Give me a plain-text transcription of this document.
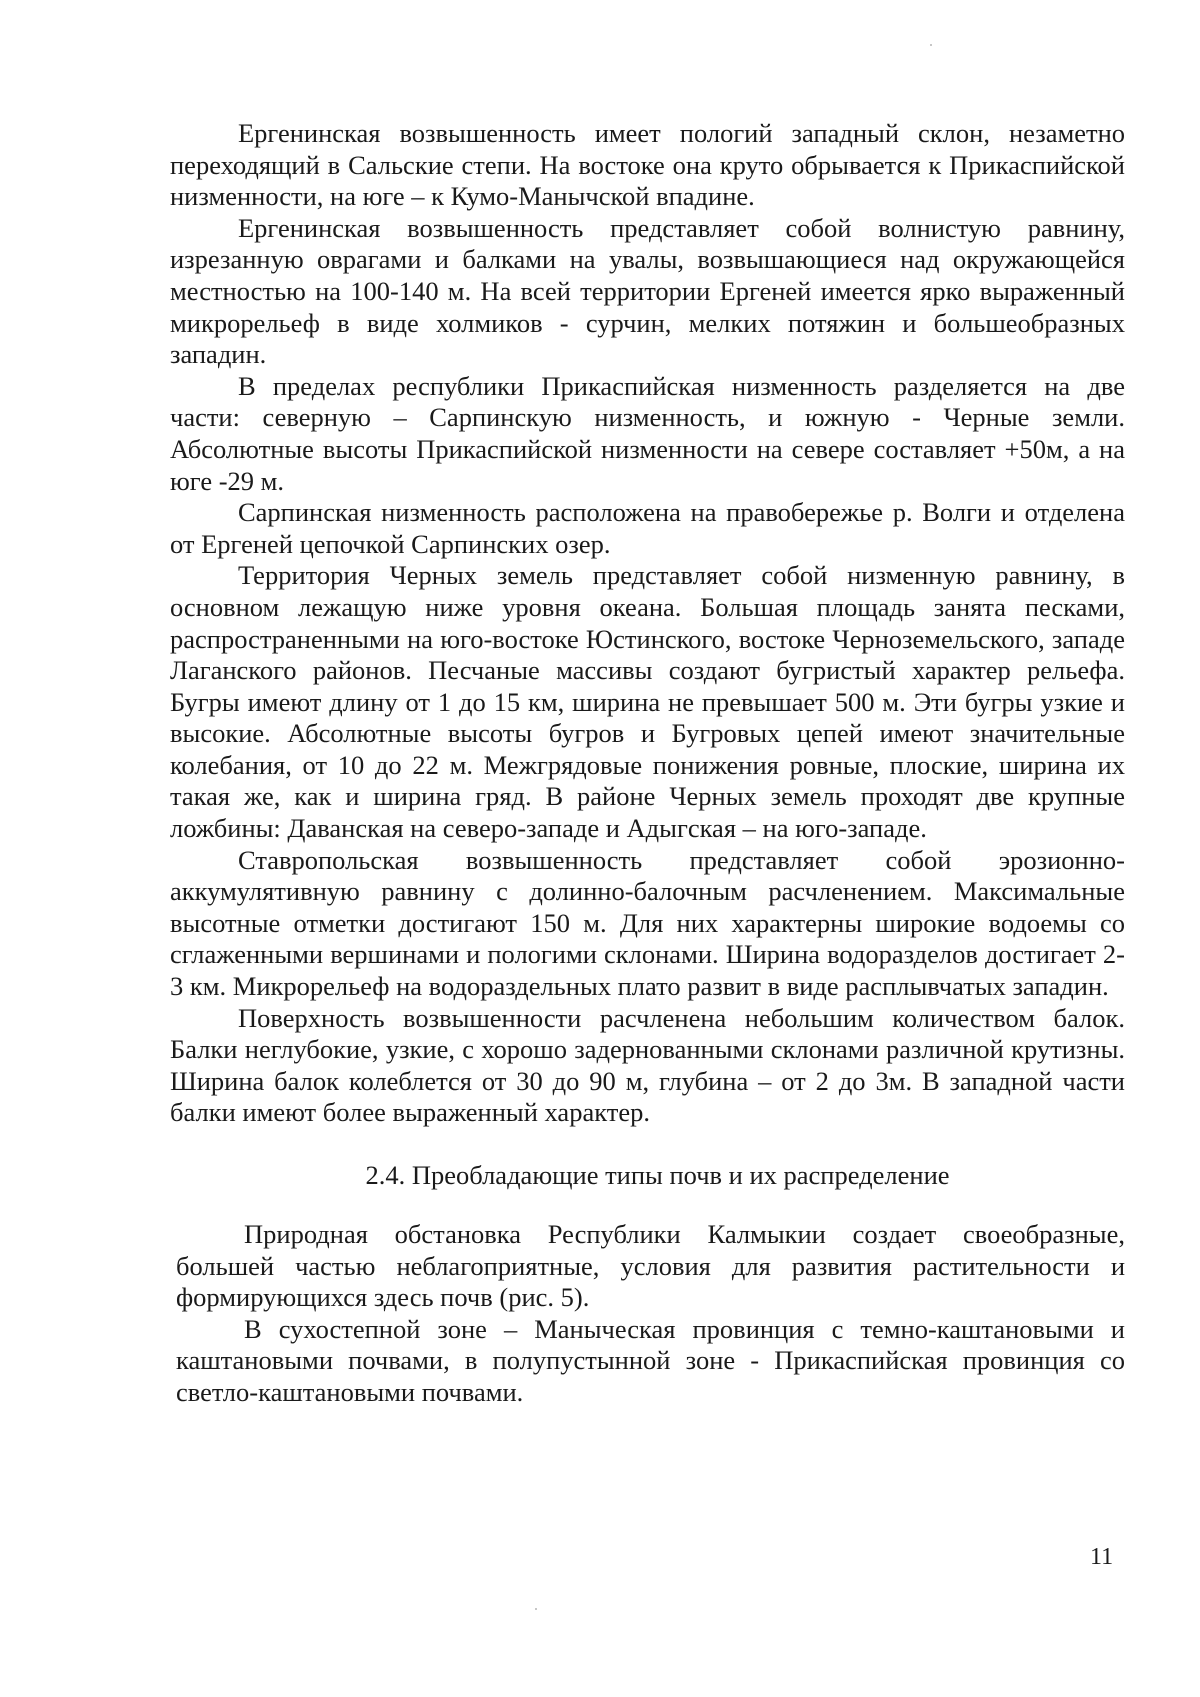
Ергенинская возвышенность имеет пологий западный склон, незаметно переходящий в Сальские степи. На востоке она круто обрывается к Прикаспийской низменности, на юге – к Кумо-Манычской впадине.

Ергенинская возвышенность представляет собой волнистую равнину, изрезанную оврагами и балками на увалы, возвышающиеся над окружающейся местностью на 100-140 м. На всей территории Ергеней имеется ярко выраженный микрорельеф в виде холмиков - сурчин, мелких потяжин и большеобразных западин.

В пределах республики Прикаспийская низменность разделяется на две части: северную – Сарпинскую низменность, и южную - Черные земли. Абсолютные высоты Прикаспийской низменности на севере составляет +50м, а на юге -29 м.

Сарпинская низменность расположена на правобережье р. Волги и отделена от Ергеней цепочкой Сарпинских озер.

Территория Черных земель представляет собой низменную равнину, в основном лежащую ниже уровня океана. Большая площадь занята песками, распространенными на юго-востоке Юстинского, востоке Черноземельского, западе Лаганского районов. Песчаные массивы создают бугристый характер рельефа. Бугры имеют длину от 1 до 15 км, ширина не превышает 500 м. Эти бугры узкие и высокие. Абсолютные высоты бугров и Бугровых цепей имеют значительные колебания, от 10 до 22 м. Межгрядовые понижения ровные, плоские, ширина их такая же, как и ширина гряд. В районе Черных земель проходят две крупные ложбины: Даванская на северо-западе и Адыгская – на юго-западе.

Ставропольская возвышенность представляет собой эрозионно-аккумулятивную равнину с долинно-балочным расчленением. Максимальные высотные отметки достигают 150 м. Для них характерны широкие водоемы со сглаженными вершинами и пологими склонами. Ширина водоразделов достигает 2-3 км. Микрорельеф на водораздельных плато развит в виде расплывчатых западин.

Поверхность возвышенности расчленена небольшим количеством балок. Балки неглубокие, узкие, с хорошо задернованными склонами различной крутизны. Ширина балок колеблется от 30 до 90 м, глубина – от 2 до 3м. В западной части балки имеют более выраженный характер.

2.4. Преобладающие типы почв и их распределение

Природная обстановка Республики Калмыкии создает своеобразные, большей частью неблагоприятные, условия для развития растительности и формирующихся здесь почв (рис. 5).

В сухостепной зоне – Маныческая провинция с темно-каштановыми и каштановыми почвами, в полупустынной зоне - Прикаспийская провинция со светло-каштановыми почвами.

11
